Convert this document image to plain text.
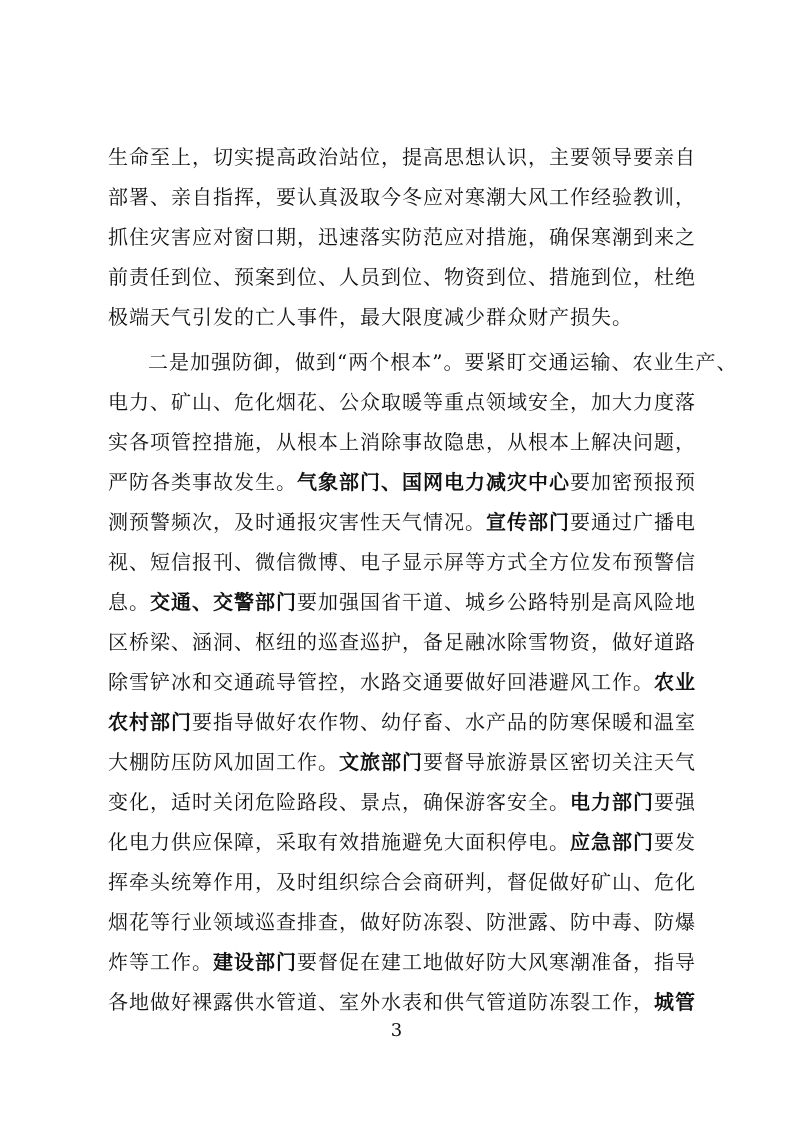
生 命 至 上 ， 切 实 提 高 政 治 站 位 ， 提 高 思 想 认 识 ， 主 要 领 导 要 亲 自
部 署 、 亲 自 指 挥 ， 要 认 真 汲 取 今 冬 应 对 寒 潮 大 风 工 作 经 验 教 训 ，
抓 住 灾 害 应 对 窗 口 期 ， 迅 速 落 实 防 范 应 对 措 施 ， 确 保 寒 潮 到 来 之
前 责 任 到 位 、 预 案 到 位 、 人 员 到 位 、 物 资 到 位 、 措 施 到 位 ， 杜 绝
极 端 天 气 引 发 的 亡 人 事 件 ， 最 大 限 度 减 少 群 众 财 产 损 失 。
二 是 加 强 防 御 ， 做 到 “ 两 个 根 本 ” 。 要 紧 盯 交 通 运 输 、 农 业 生 产 、
电 力 、 矿 山 、 危 化 烟 花 、 公 众 取 暖 等 重 点 领 域 安 全 ， 加 大 力 度 落
实 各 项 管 控 措 施 ， 从 根 本 上 消 除 事 故 隐 患 ， 从 根 本 上 解 决 问 题 ，
严 防 各 类 事 故 发 生 。 气 象 部 门 、 国 网 电 力 减 灾 中 心 要 加 密 预 报 预
测 预 警 频 次 ， 及 时 通 报 灾 害 性 天 气 情 况 。 宣 传 部 门 要 通 过 广 播 电
视 、 短 信 报 刊 、 微 信 微 博 、 电 子 显 示 屏 等 方 式 全 方 位 发 布 预 警 信
息 。 交 通 、 交 警 部 门 要 加 强 国 省 干 道 、 城 乡 公 路 特 别 是 高 风 险 地
区 桥 梁 、 涵 洞 、 枢 纽 的 巡 查 巡 护 ， 备 足 融 冰 除 雪 物 资 ， 做 好 道 路
除 雪 铲 冰 和 交 通 疏 导 管 控 ， 水 路 交 通 要 做 好 回 港 避 风 工 作 。 农 业
农 村 部 门 要 指 导 做 好 农 作 物 、 幼 仔 畜 、 水 产 品 的 防 寒 保 暖 和 温 室
大 棚 防 压 防 风 加 固 工 作 。 文 旅 部 门 要 督 导 旅 游 景 区 密 切 关 注 天 气
变 化 ， 适 时 关 闭 危 险 路 段 、 景 点 ， 确 保 游 客 安 全 。 电 力 部 门 要 强
化 电 力 供 应 保 障 ， 采 取 有 效 措 施 避 免 大 面 积 停 电 。 应 急 部 门 要 发
挥 牵 头 统 筹 作 用 ， 及 时 组 织 综 合 会 商 研 判 ， 督 促 做 好 矿 山 、 危 化
烟 花 等 行 业 领 域 巡 查 排 查 ， 做 好 防 冻 裂 、 防 泄 露 、 防 中 毒 、 防 爆
炸 等 工 作 。 建 设 部 门 要 督 促 在 建 工 地 做 好 防 大 风 寒 潮 准 备 ， 指 导
各 地 做 好 裸 露 供 水 管 道 、 室 外 水 表 和 供 气 管 道 防 冻 裂 工 作 ， 城 管
3
